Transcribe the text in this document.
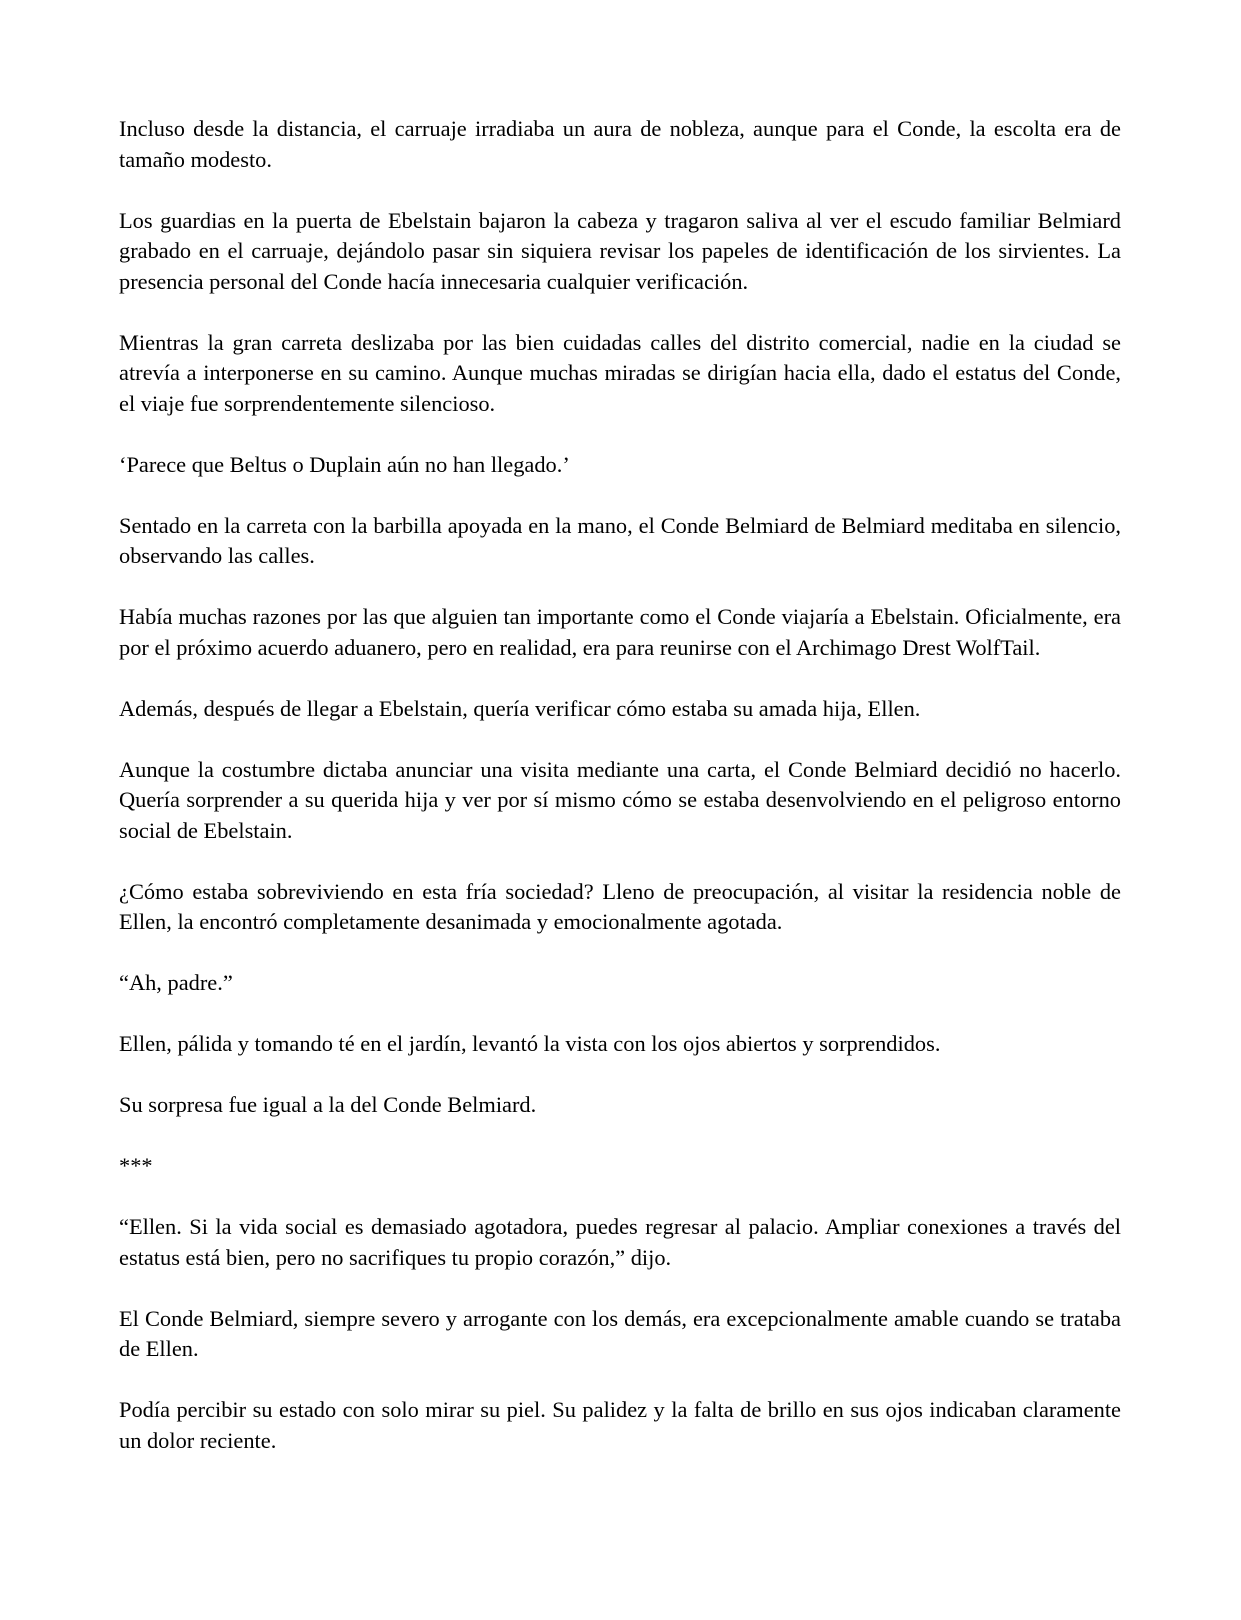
Incluso desde la distancia, el carruaje irradiaba un aura de nobleza, aunque para el Conde, la escolta era de tamaño modesto.

Los guardias en la puerta de Ebelstain bajaron la cabeza y tragaron saliva al ver el escudo familiar Belmiard grabado en el carruaje, dejándolo pasar sin siquiera revisar los papeles de identificación de los sirvientes. La presencia personal del Conde hacía innecesaria cualquier verificación.

Mientras la gran carreta deslizaba por las bien cuidadas calles del distrito comercial, nadie en la ciudad se atrevía a interponerse en su camino. Aunque muchas miradas se dirigían hacia ella, dado el estatus del Conde, el viaje fue sorprendentemente silencioso.

‘Parece que Beltus o Duplain aún no han llegado.’

Sentado en la carreta con la barbilla apoyada en la mano, el Conde Belmiard de Belmiard meditaba en silencio, observando las calles.

Había muchas razones por las que alguien tan importante como el Conde viajaría a Ebelstain. Oficialmente, era por el próximo acuerdo aduanero, pero en realidad, era para reunirse con el Archimago Drest WolfTail.

Además, después de llegar a Ebelstain, quería verificar cómo estaba su amada hija, Ellen.

Aunque la costumbre dictaba anunciar una visita mediante una carta, el Conde Belmiard decidió no hacerlo. Quería sorprender a su querida hija y ver por sí mismo cómo se estaba desenvolviendo en el peligroso entorno social de Ebelstain.

¿Cómo estaba sobreviviendo en esta fría sociedad? Lleno de preocupación, al visitar la residencia noble de Ellen, la encontró completamente desanimada y emocionalmente agotada.

“Ah, padre.”

Ellen, pálida y tomando té en el jardín, levantó la vista con los ojos abiertos y sorprendidos.

Su sorpresa fue igual a la del Conde Belmiard.

***

“Ellen. Si la vida social es demasiado agotadora, puedes regresar al palacio. Ampliar conexiones a través del estatus está bien, pero no sacrifiques tu propio corazón,” dijo.

El Conde Belmiard, siempre severo y arrogante con los demás, era excepcionalmente amable cuando se trataba de Ellen.

Podía percibir su estado con solo mirar su piel. Su palidez y la falta de brillo en sus ojos indicaban claramente un dolor reciente.
